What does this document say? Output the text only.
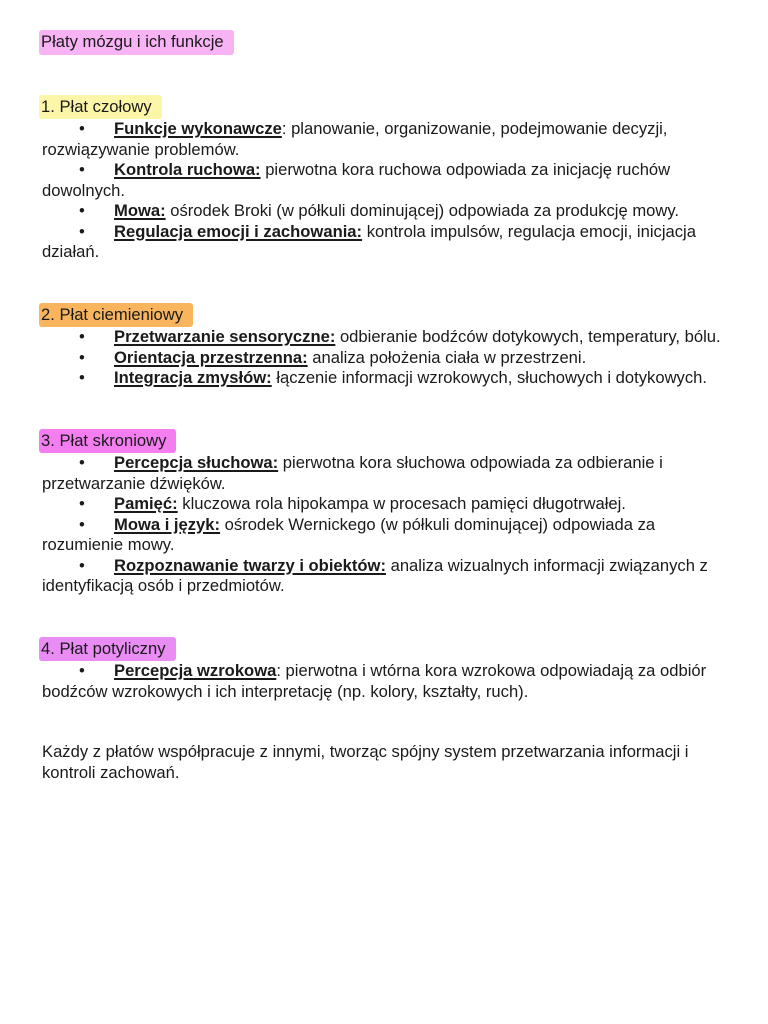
Płaty mózgu i ich funkcje
1. Płat czołowy
• Funkcje wykonawcze: planowanie, organizowanie, podejmowanie decyzji, rozwiązywanie problemów.
• Kontrola ruchowa: pierwotna kora ruchowa odpowiada za inicjację ruchów dowolnych.
• Mowa: ośrodek Broki (w półkuli dominującej) odpowiada za produkcję mowy.
• Regulacja emocji i zachowania: kontrola impulsów, regulacja emocji, inicjacja działań.
2. Płat ciemieniowy
• Przetwarzanie sensoryczne: odbieranie bodźców dotykowych, temperatury, bólu.
• Orientacja przestrzenna: analiza położenia ciała w przestrzeni.
• Integracja zmysłów: łączenie informacji wzrokowych, słuchowych i dotykowych.
3. Płat skroniowy
• Percepcja słuchowa: pierwotna kora słuchowa odpowiada za odbieranie i przetwarzanie dźwięków.
• Pamięć: kluczowa rola hipokampa w procesach pamięci długotrwałej.
• Mowa i język: ośrodek Wernickego (w półkuli dominującej) odpowiada za rozumienie mowy.
• Rozpoznawanie twarzy i obiektów: analiza wizualnych informacji związanych z identyfikacją osób i przedmiotów.
4. Płat potyliczny
• Percepcja wzrokowa: pierwotna i wtórna kora wzrokowa odpowiadają za odbiór bodźców wzrokowych i ich interpretację (np. kolory, kształty, ruch).
Każdy z płatów współpracuje z innymi, tworząc spójny system przetwarzania informacji i kontroli zachowań.
